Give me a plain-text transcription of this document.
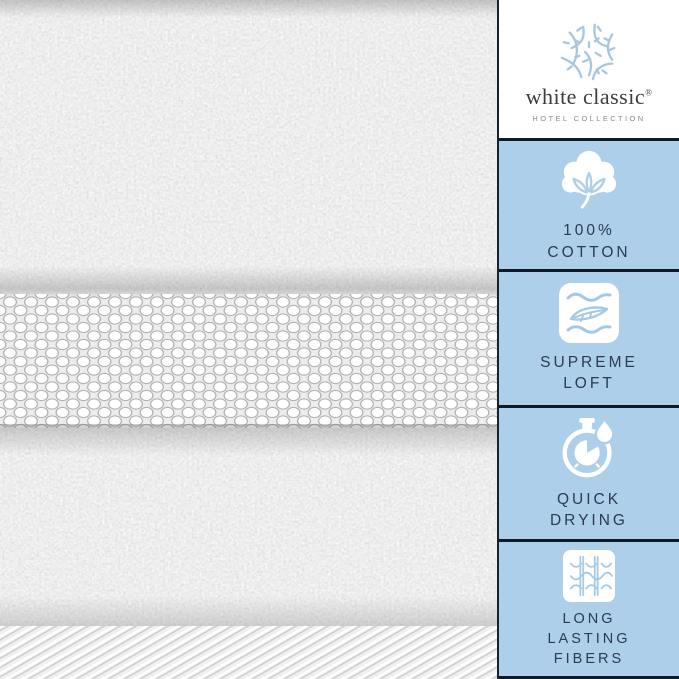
white classic®
HOTEL COLLECTION

100%
COTTON

SUPREME
LOFT

QUICK
DRYING

LONG
LASTING
FIBERS
